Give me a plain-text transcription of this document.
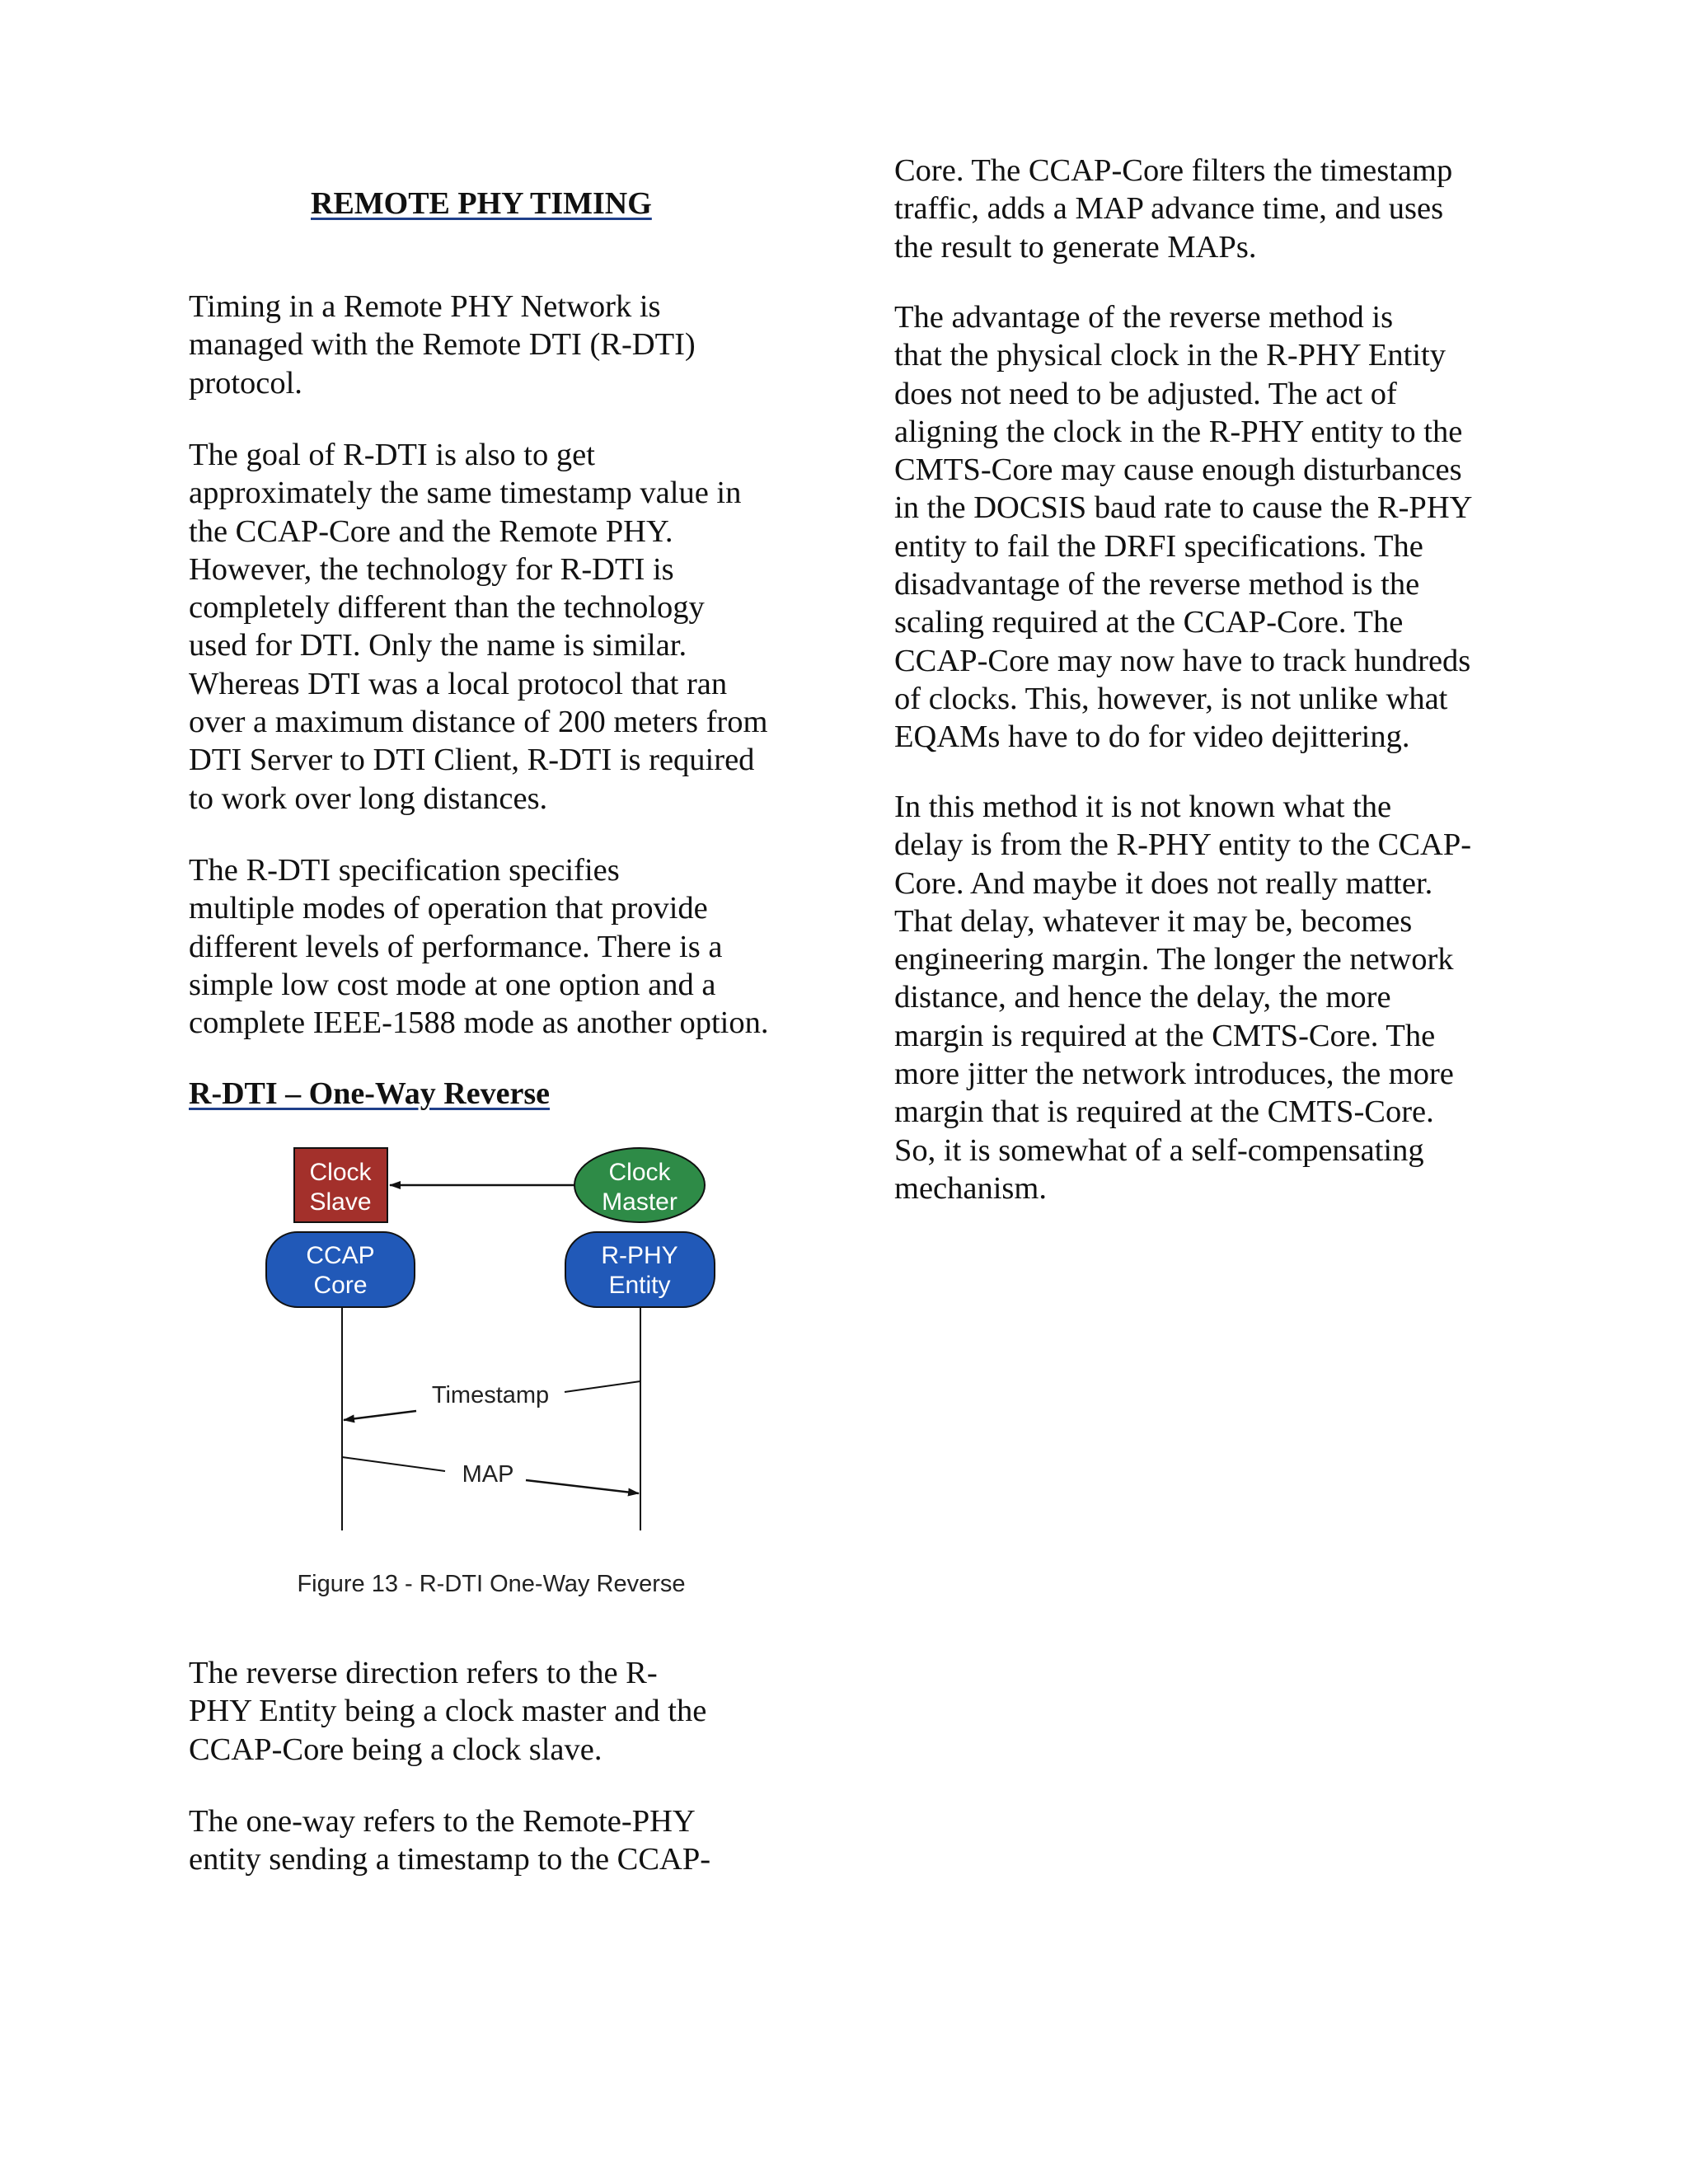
REMOTE PHY TIMING

Timing in a Remote PHY Network is
managed with the Remote DTI (R-DTI)
protocol.

The goal of R-DTI is also to get
approximately the same timestamp value in
the CCAP-Core and the Remote PHY.
However, the technology for R-DTI is
completely different than the technology
used for DTI. Only the name is similar.
Whereas DTI was a local protocol that ran
over a maximum distance of 200 meters from
DTI Server to DTI Client, R-DTI is required
to work over long distances.

The R-DTI specification specifies
multiple modes of operation that provide
different levels of performance. There is a
simple low cost mode at one option and a
complete IEEE-1588 mode as another option.

R-DTI – One-Way Reverse

The reverse direction refers to the R-
PHY Entity being a clock master and the
CCAP-Core being a clock slave.

The one-way refers to the Remote-PHY
entity sending a timestamp to the CCAP-

Clock
Slave
Clock
Master
CCAP
Core
R-PHY
Entity
Timestamp
MAP
Figure 13 - R-DTI One-Way Reverse

Core. The CCAP-Core filters the timestamp
traffic, adds a MAP advance time, and uses
the result to generate MAPs.

The advantage of the reverse method is
that the physical clock in the R-PHY Entity
does not need to be adjusted. The act of
aligning the clock in the R-PHY entity to the
CMTS-Core may cause enough disturbances
in the DOCSIS baud rate to cause the R-PHY
entity to fail the DRFI specifications. The
disadvantage of the reverse method is the
scaling required at the CCAP-Core. The
CCAP-Core may now have to track hundreds
of clocks. This, however, is not unlike what
EQAMs have to do for video dejittering.

In this method it is not known what the
delay is from the R-PHY entity to the CCAP-
Core. And maybe it does not really matter.
That delay, whatever it may be, becomes
engineering margin. The longer the network
distance, and hence the delay, the more
margin is required at the CMTS-Core. The
more jitter the network introduces, the more
margin that is required at the CMTS-Core.
So, it is somewhat of a self-compensating
mechanism.
